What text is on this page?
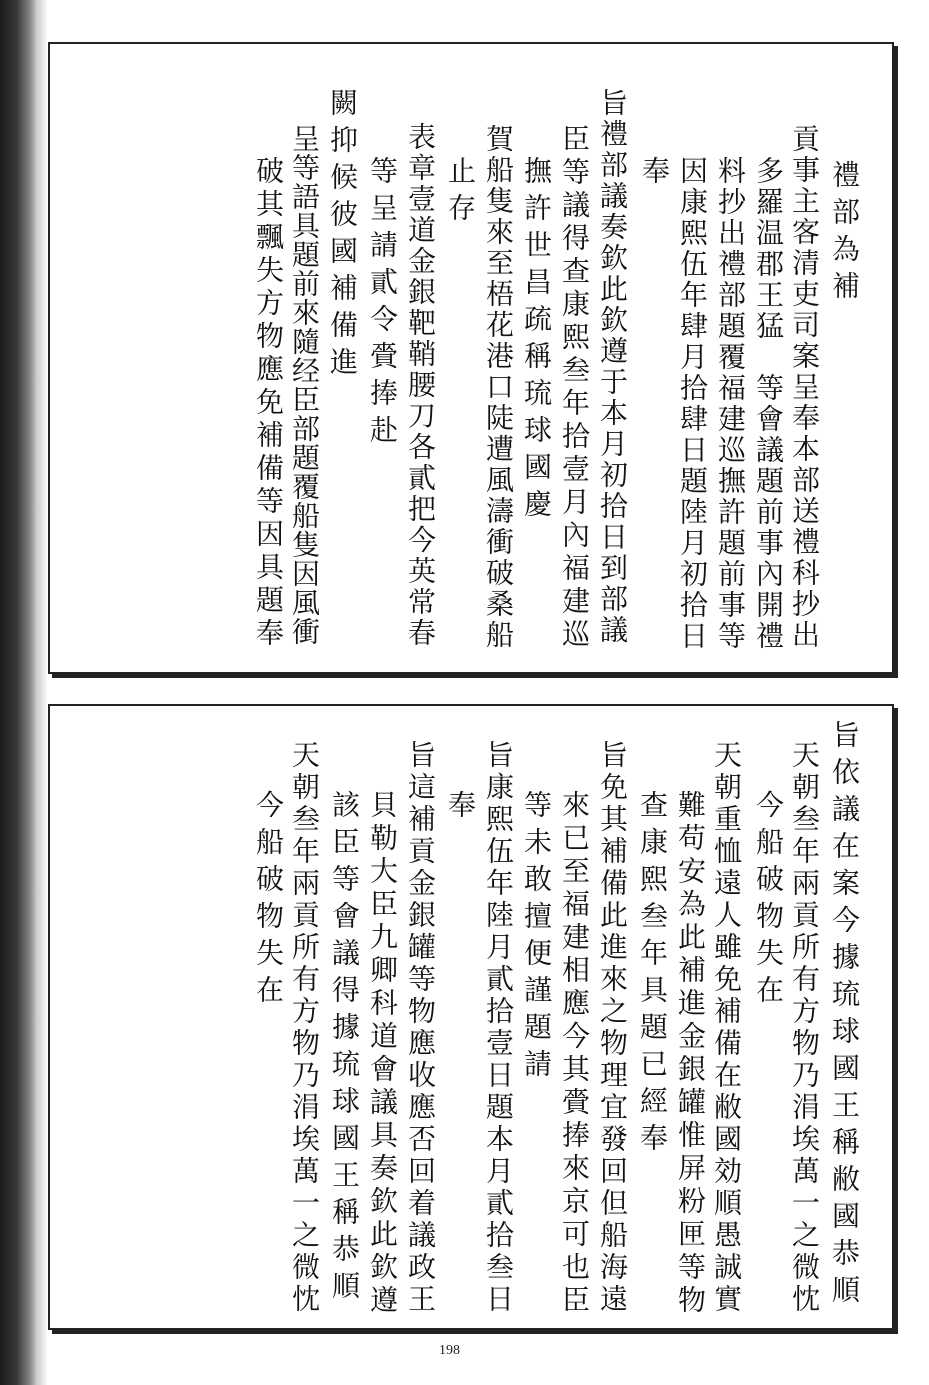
禮部為補
貢事主客清吏司案呈奉本部送禮科抄出
多羅温郡王猛　等會議題前事內開禮
料抄出禮部題覆福建巡撫許題前事等
因康熙伍年肆月拾肆日題陸月初拾日
奉
旨禮部議奏欽此欽遵于本月初拾日到部議
臣等議得查康熙叁年拾壹月內福建巡
撫許世昌疏稱琉球國慶
賀船隻來至梧花港口陡遭風濤衝破桑船
止存
表章壹道金銀靶鞘腰刀各貳把今英常春
等呈請貳令賫捧赴
闕抑候彼國補備進
呈等語具題前來隨经臣部題覆船隻因風衝
破其飄失方物應免補備等因具題奉
旨依議在案今據琉球國王稱敝國恭順
天朝叁年兩貢所有方物乃涓埃萬一之微忱
今船破物失在
天朝重恤遠人雖免補備在敝國効順愚誠實
難苟安為此補進金銀罐惟屏粉匣等物
查康熙叁年具題已經奉
旨免其補備此進來之物理宜發回但船海遠
來已至福建相應今其賫捧來京可也臣
等未敢擅便謹題請
旨康熙伍年陸月貳拾壹日題本月貳拾叁日
奉
旨這補貢金銀罐等物應收應否回着議政王
貝勒大臣九卿科道會議具奏欽此欽遵
該臣等會議得據琉球國王稱恭順
天朝叁年兩貢所有方物乃涓埃萬一之微忱
今船破物失在
198
